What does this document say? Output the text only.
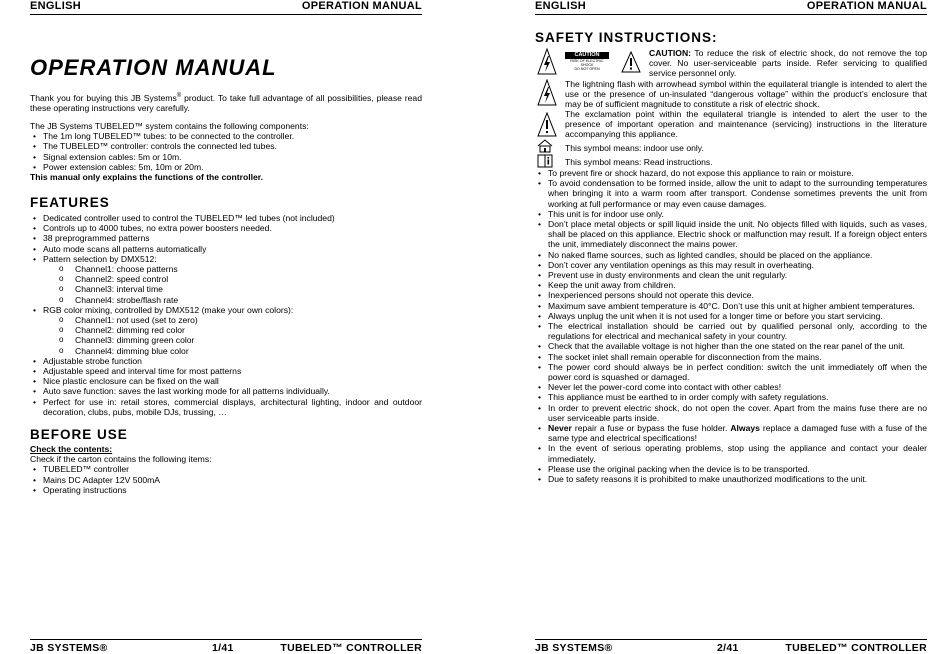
ENGLISH	OPERATION MANUAL
OPERATION MANUAL
Thank you for buying this JB Systems® product. To take full advantage of all possibilities, please read these operating instructions very carefully.

The JB Systems TUBELED™ system contains the following components:

• The 1m long TUBELED™ tubes: to be connected to the controller.
• The TUBELED™ controller: controls the connected led tubes.
• Signal extension cables: 5m or 10m.
• Power extension cables: 5m, 10m or 20m.

This manual only explains the functions of the controller.

FEATURES
• Dedicated controller used to control the TUBELED™ led tubes (not included)
• Controls up to 4000 tubes, no extra power boosters needed.
• 38 preprogrammed patterns
• Auto mode scans all patterns automatically
• Pattern selection by DMX512:
o Channel1: choose patterns
o Channel2: speed control
o Channel3: interval time
o Channel4: strobe/flash rate
• RGB color mixing, controlled by DMX512 (make your own colors):
o Channel1: not used (set to zero)
o Channel2: dimming red color
o Channel3: dimming green color
o Channel4: dimming blue color
• Adjustable strobe function
• Adjustable speed and interval time for most patterns
• Nice plastic enclosure can be fixed on the wall
• Auto save function: saves the last working mode for all patterns individually.
• Perfect for use in: retail stores, commercial displays, architectural lighting, indoor and outdoor decoration, clubs, pubs, mobile DJs, trussing, …
BEFORE USE

Check the contents:

Check if the carton contains the following items:

• TUBELED™ controller
• Mains DC Adapter 12V 500mA
• Operating instructions
JB SYSTEMS®	1/41	TUBELED™ CONTROLLER
ENGLISH	OPERATION MANUAL
SAFETY INSTRUCTIONS:
CAUTION
RISK OF ELECTRIC SHOCK
DO NOT OPEN
CAUTION: To reduce the risk of electric shock, do not remove the top cover. No user-serviceable parts inside. Refer servicing to qualified service personnel only.
The lightning flash with arrowhead symbol within the equilateral triangle is intended to alert the use or the presence of un-insulated “dangerous voltage” within the product’s enclosure that may be of sufficient magnitude to constitute a risk of electric shock.
The exclamation point within the equilateral triangle is intended to alert the user to the presence of important operation and maintenance (servicing) instructions in the literature accompanying this appliance.
This symbol means: indoor use only.
This symbol means: Read instructions.
• To prevent fire or shock hazard, do not expose this appliance to rain or moisture.
• To avoid condensation to be formed inside, allow the unit to adapt to the surrounding temperatures when bringing it into a warm room after transport. Condense sometimes prevents the unit from working at full performance or may even cause damages.
• This unit is for indoor use only.
• Don’t place metal objects or spill liquid inside the unit. No objects filled with liquids, such as vases, shall be placed on this appliance. Electric shock or malfunction may result. If a foreign object enters the unit, immediately disconnect the mains power.
• No naked flame sources, such as lighted candles, should be placed on the appliance.
• Don’t cover any ventilation openings as this may result in overheating.
• Prevent use in dusty environments and clean the unit regularly.
• Keep the unit away from children.
• Inexperienced persons should not operate this device.
• Maximum save ambient temperature is 40°C. Don’t use this unit at higher ambient temperatures.
• Always unplug the unit when it is not used for a longer time or before you start servicing.
• The electrical installation should be carried out by qualified personal only, according to the regulations for electrical and mechanical safety in your country.
• Check that the available voltage is not higher than the one stated on the rear panel of the unit.
• The socket inlet shall remain operable for disconnection from the mains.
• The power cord should always be in perfect condition: switch the unit immediately off when the power cord is squashed or damaged.
• Never let the power-cord come into contact with other cables!
• This appliance must be earthed to in order comply with safety regulations.
• In order to prevent electric shock, do not open the cover. Apart from the mains fuse there are no user serviceable parts inside.
• Never repair a fuse or bypass the fuse holder. Always replace a damaged fuse with a fuse of the same type and electrical specifications!
• In the event of serious operating problems, stop using the appliance and contact your dealer immediately.
• Please use the original packing when the device is to be transported.
• Due to safety reasons it is prohibited to make unauthorized modifications to the unit.
JB SYSTEMS®	2/41	TUBELED™ CONTROLLER
